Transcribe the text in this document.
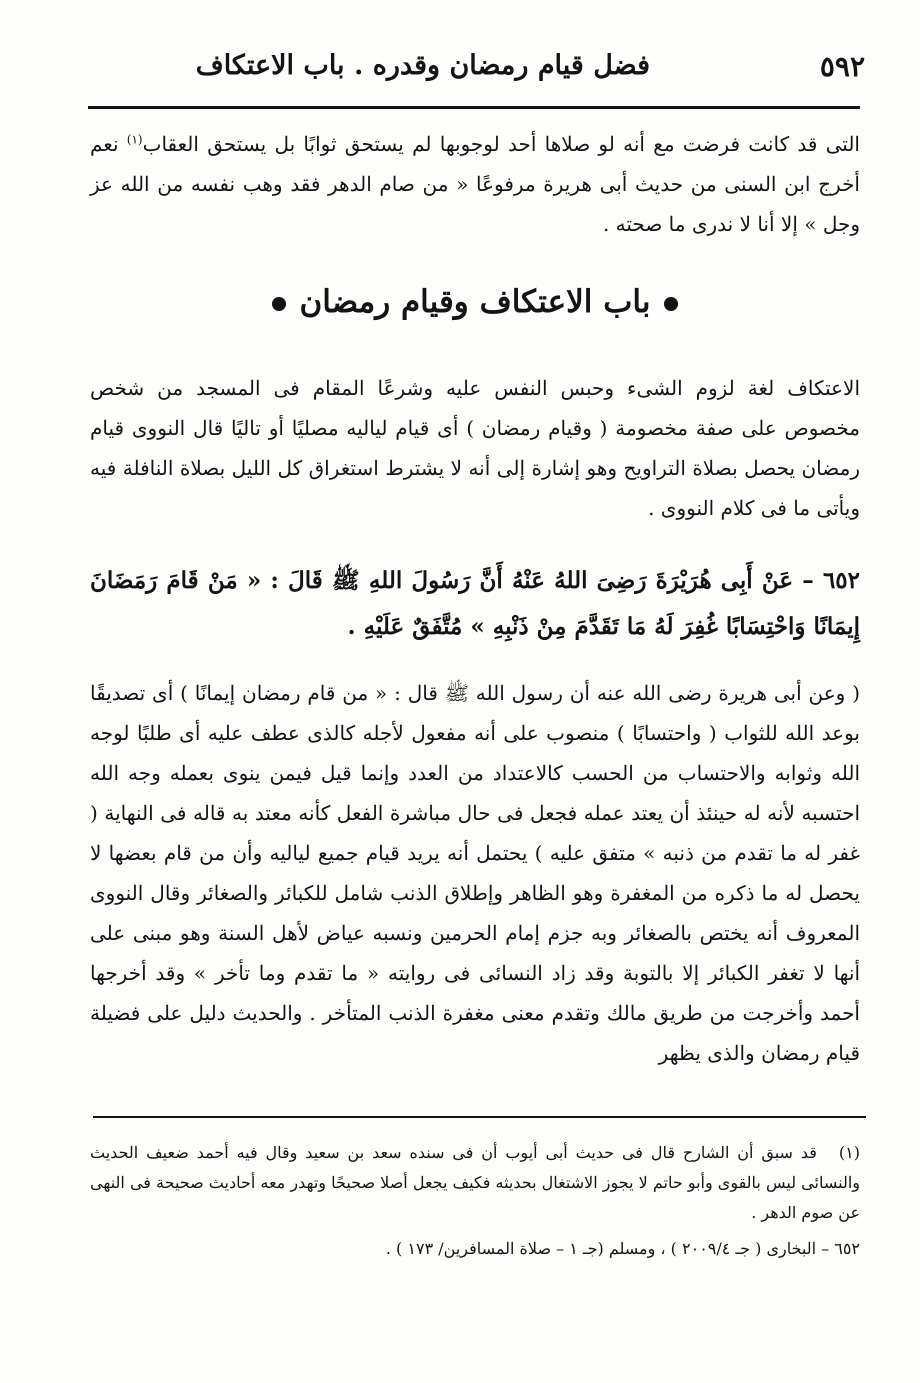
٥٩٢
فضل قيام رمضان وقدره . باب الاعتكاف

التى قد كانت فرضت مع أنه لو صلاها أحد لوجوبها لم يستحق ثوابًا بل يستحق العقاب$^{(١)}$ نعم أخرج ابن السنى من حديث أبى هريرة مرفوعًا « من صام الدهر فقد وهب نفسه من الله عز وجل » إلا أنا لا ندرى ما صحته .

باب الاعتكاف وقيام رمضان

الاعتكاف لغة لزوم الشىء وحبس النفس عليه وشرعًا المقام فى المسجد من شخص مخصوص على صفة مخصومة ( وقيام رمضان ) أى قيام لياليه مصليًا أو تاليًا قال النووى قيام رمضان يحصل بصلاة التراويح وهو إشارة إلى أنه لا يشترط استغراق كل الليل بصلاة النافلة فيه ويأتى ما فى كلام النووى .

٦٥٢ – عَنْ أَبِى هُرَيْرَةَ رَضِىَ اللهُ عَنْهُ أَنَّ رَسُولَ اللهِ ﷺ قَالَ : « مَنْ قَامَ رَمَضَانَ إِيمَانًا وَاحْتِسَابًا غُفِرَ لَهُ مَا تَقَدَّمَ مِنْ ذَنْبِهِ » مُتَّفَقٌ عَلَيْهِ .

( وعن أبى هريرة رضى الله عنه أن رسول الله ﷺ قال : « من قام رمضان إيمانًا ) أى تصديقًا بوعد الله للثواب ( واحتسابًا ) منصوب على أنه مفعول لأجله كالذى عطف عليه أى طلبًا لوجه الله وثوابه والاحتساب من الحسب كالاعتداد من العدد وإنما قيل فيمن ينوى بعمله وجه الله احتسبه لأنه له حينئذ أن يعتد عمله فجعل فى حال مباشرة الفعل كأنه معتد به قاله فى النهاية ( غفر له ما تقدم من ذنبه » متفق عليه ) يحتمل أنه يريد قيام جميع لياليه وأن من قام بعضها لا يحصل له ما ذكره من المغفرة وهو الظاهر وإطلاق الذنب شامل للكبائر والصغائر وقال النووى المعروف أنه يختص بالصغائر وبه جزم إمام الحرمين ونسبه عياض لأهل السنة وهو مبنى على أنها لا تغفر الكبائر إلا بالتوبة وقد زاد النسائى فى روايته « ما تقدم وما تأخر » وقد أخرجها أحمد وأخرجت من طريق مالك وتقدم معنى مغفرة الذنب المتأخر . والحديث دليل على فضيلة قيام رمضان والذى يظهر

(١)قد سبق أن الشارح قال فى حديث أبى أيوب أن فى سنده سعد بن سعيد وقال فيه أحمد ضعيف الحديث والنسائى ليس بالقوى وأبو حاتم لا يجوز الاشتغال بحديثه فكيف يجعل أصلا صحيحًا وتهدر معه أحاديث صحيحة فى النهى عن صوم الدهر .

٦٥٢ – البخارى ( جـ ٢٠٠٩/٤ ) ، ومسلم (جـ ١ – صلاة المسافرين/ ١٧٣ ) .
